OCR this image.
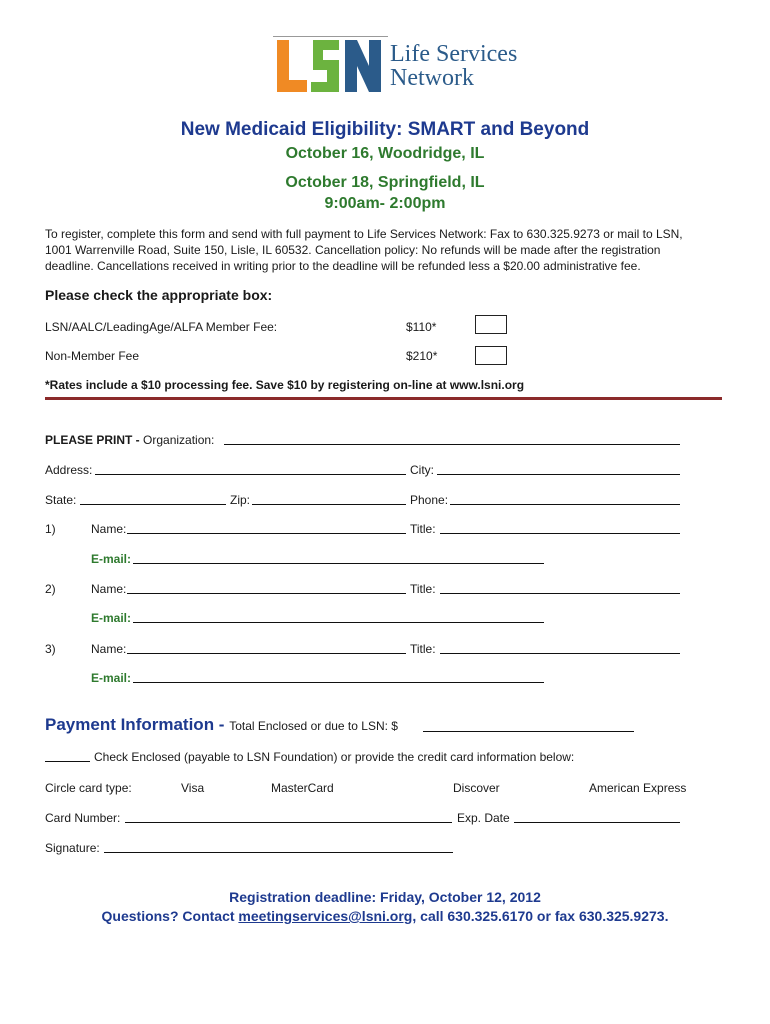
Life Services
Network
New Medicaid Eligibility: SMART and Beyond
October 16, Woodridge, IL
October 18, Springfield, IL
9:00am- 2:00pm
To register, complete this form and send with full payment to Life Services Network: Fax to 630.325.9273 or mail to LSN,
1001 Warrenville Road, Suite 150, Lisle, IL 60532. Cancellation policy: No refunds will be made after the registration
deadline. Cancellations received in writing prior to the deadline will be refunded less a $20.00 administrative fee.
Please check the appropriate box:
LSN/AALC/LeadingAge/ALFA Member Fee:	$110*
Non-Member Fee	$210*
*Rates include a $10 processing fee. Save $10 by registering on-line at www.lsni.org
PLEASE PRINT - Organization:
Address:	City:
State:	Zip:	Phone:
1)	Name:	Title:
E-mail:
2)	Name:	Title:
E-mail:
3)	Name:	Title:
E-mail:
Payment Information - Total Enclosed or due to LSN: $
Check Enclosed (payable to LSN Foundation) or provide the credit card information below:
Circle card type:	Visa	MasterCard	Discover	American Express
Card Number:	Exp. Date
Signature:
Registration deadline: Friday, October 12, 2012
Questions? Contact meetingservices@lsni.org, call 630.325.6170 or fax 630.325.9273.
